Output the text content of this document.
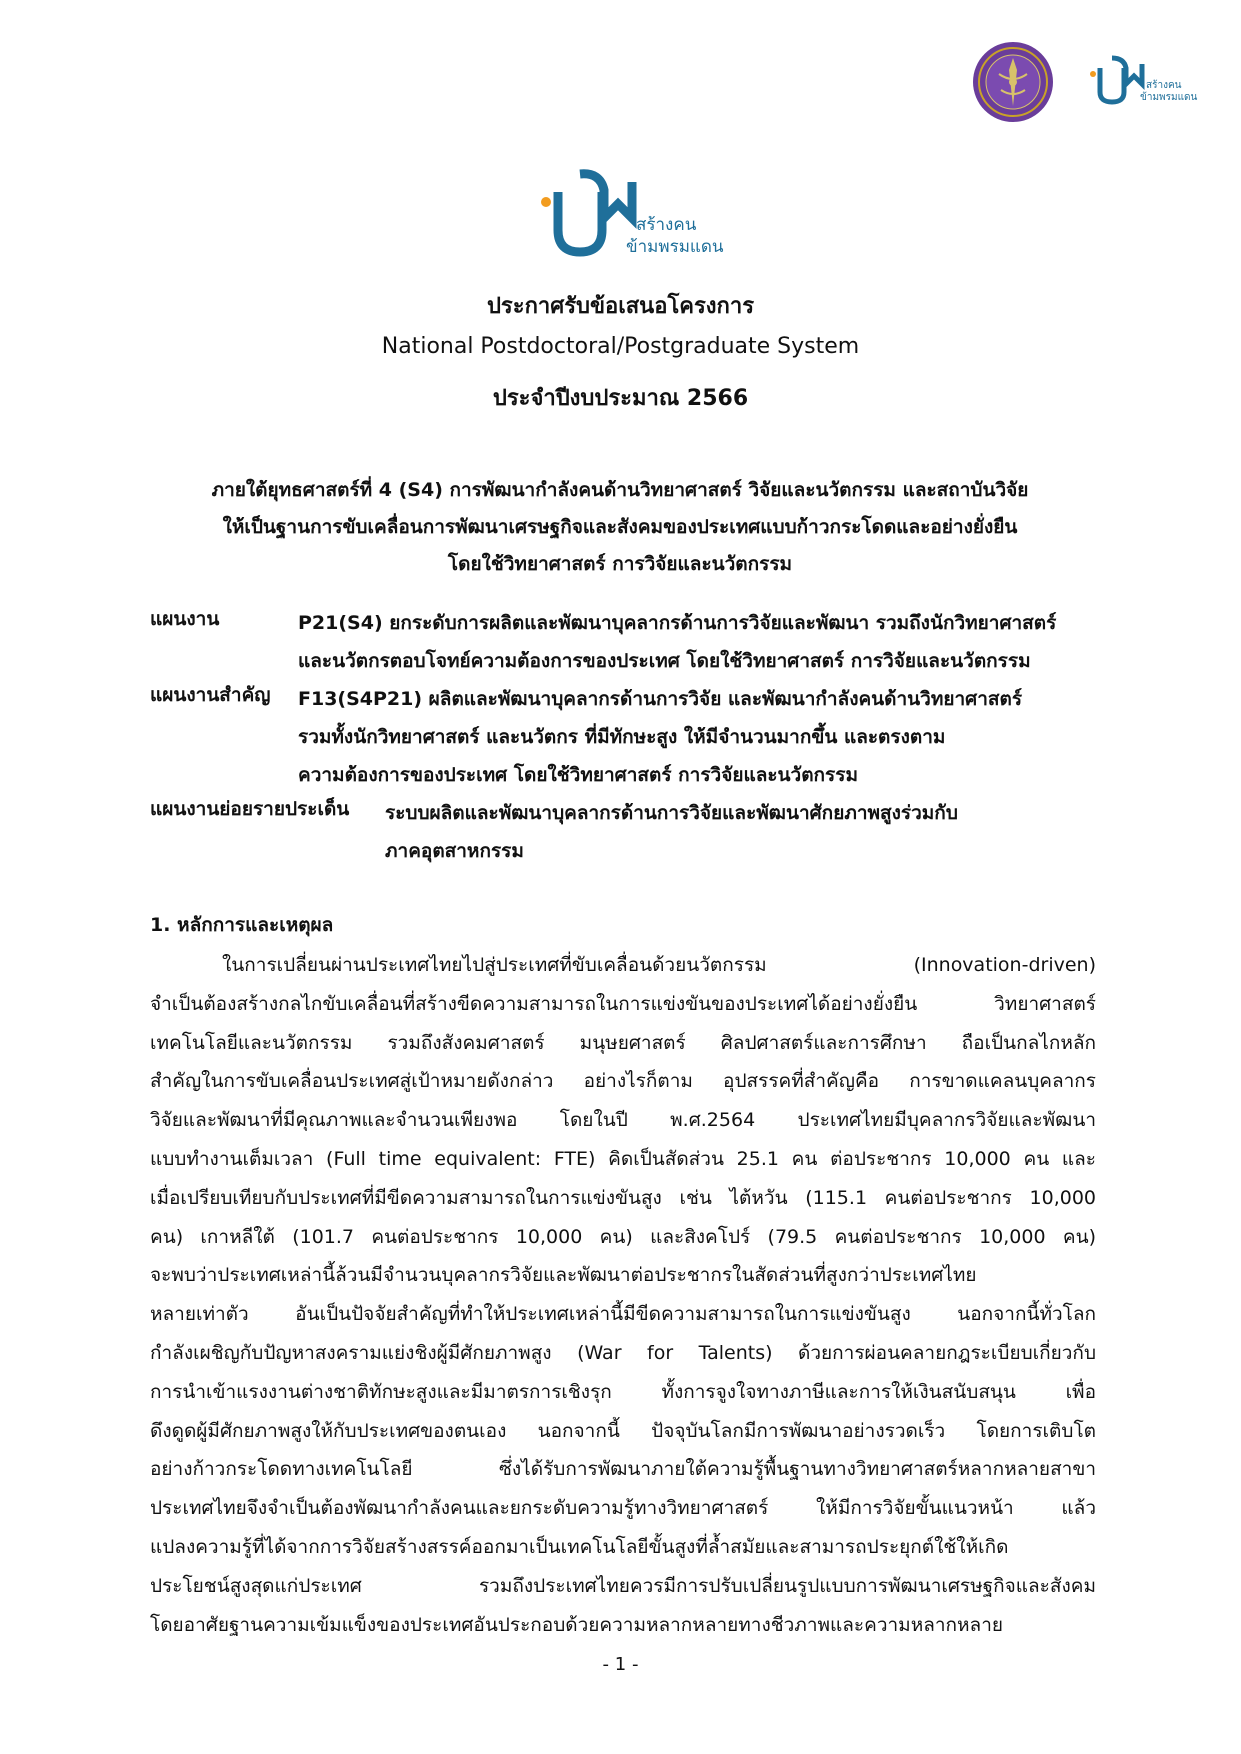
สร้างคน
ข้ามพรมแดน
สร้างคน
ข้ามพรมแดน
ประกาศรับข้อเสนอโครงการ
National Postdoctoral/Postgraduate System
ประจำปีงบประมาณ 2566
ภายใต้ยุทธศาสตร์ที่ 4 (S4) การพัฒนากำลังคนด้านวิทยาศาสตร์ วิจัยและนวัตกรรม และสถาบันวิจัย
ให้เป็นฐานการขับเคลื่อนการพัฒนาเศรษฐกิจและสังคมของประเทศแบบก้าวกระโดดและอย่างยั่งยืน
โดยใช้วิทยาศาสตร์ การวิจัยและนวัตกรรม
แผนงาน	P21(S4) ยกระดับการผลิตและพัฒนาบุคลากรด้านการวิจัยและพัฒนา รวมถึงนักวิทยาศาสตร์
และนวัตกรตอบโจทย์ความต้องการของประเทศ โดยใช้วิทยาศาสตร์ การวิจัยและนวัตกรรม
แผนงานสำคัญ F13(S4P21) ผลิตและพัฒนาบุคลากรด้านการวิจัย และพัฒนากำลังคนด้านวิทยาศาสตร์
รวมทั้งนักวิทยาศาสตร์ และนวัตกร ที่มีทักษะสูง ให้มีจำนวนมากขึ้น และตรงตาม
ความต้องการของประเทศ โดยใช้วิทยาศาสตร์ การวิจัยและนวัตกรรม
แผนงานย่อยรายประเด็น ระบบผลิตและพัฒนาบุคลากรด้านการวิจัยและพัฒนาศักยภาพสูงร่วมกับ
ภาคอุตสาหกรรม
1. หลักการและเหตุผล
ในการเปลี่ยนผ่านประเทศไทยไปสู่ประเทศที่ขับเคลื่อนด้วยนวัตกรรม (Innovation-driven)
จำเป็นต้องสร้างกลไกขับเคลื่อนที่สร้างขีดความสามารถในการแข่งขันของประเทศได้อย่างยั่งยืน วิทยาศาสตร์
เทคโนโลยีและนวัตกรรม รวมถึงสังคมศาสตร์ มนุษยศาสตร์ ศิลปศาสตร์และการศึกษา ถือเป็นกลไกหลัก
สำคัญในการขับเคลื่อนประเทศสู่เป้าหมายดังกล่าว อย่างไรก็ตาม อุปสรรคที่สำคัญคือ การขาดแคลนบุคลากร
วิจัยและพัฒนาที่มีคุณภาพและจำนวนเพียงพอ โดยในปี พ.ศ.2564 ประเทศไทยมีบุคลากรวิจัยและพัฒนา
แบบทำงานเต็มเวลา (Full time equivalent: FTE) คิดเป็นสัดส่วน 25.1 คน ต่อประชากร 10,000 คน และ
เมื่อเปรียบเทียบกับประเทศที่มีขีดความสามารถในการแข่งขันสูง เช่น ไต้หวัน (115.1 คนต่อประชากร 10,000
คน) เกาหลีใต้ (101.7 คนต่อประชากร 10,000 คน) และสิงคโปร์ (79.5 คนต่อประชากร 10,000 คน)
จะพบว่าประเทศเหล่านี้ล้วนมีจำนวนบุคลากรวิจัยและพัฒนาต่อประชากรในสัดส่วนที่สูงกว่าประเทศไทย
หลายเท่าตัว อันเป็นปัจจัยสำคัญที่ทำให้ประเทศเหล่านี้มีขีดความสามารถในการแข่งขันสูง นอกจากนี้ทั่วโลก
กำลังเผชิญกับปัญหาสงครามแย่งชิงผู้มีศักยภาพสูง (War for Talents) ด้วยการผ่อนคลายกฎระเบียบเกี่ยวกับ
การนำเข้าแรงงานต่างชาติทักษะสูงและมีมาตรการเชิงรุก ทั้งการจูงใจทางภาษีและการให้เงินสนับสนุน เพื่อ
ดึงดูดผู้มีศักยภาพสูงให้กับประเทศของตนเอง นอกจากนี้ ปัจจุบันโลกมีการพัฒนาอย่างรวดเร็ว โดยการเติบโต
อย่างก้าวกระโดดทางเทคโนโลยี ซึ่งได้รับการพัฒนาภายใต้ความรู้พื้นฐานทางวิทยาศาสตร์หลากหลายสาขา
ประเทศไทยจึงจำเป็นต้องพัฒนากำลังคนและยกระดับความรู้ทางวิทยาศาสตร์ ให้มีการวิจัยขั้นแนวหน้า แล้ว
แปลงความรู้ที่ได้จากการวิจัยสร้างสรรค์ออกมาเป็นเทคโนโลยีขั้นสูงที่ล้ำสมัยและสามารถประยุกต์ใช้ให้เกิด
ประโยชน์สูงสุดแก่ประเทศ รวมถึงประเทศไทยควรมีการปรับเปลี่ยนรูปแบบการพัฒนาเศรษฐกิจและสังคม
โดยอาศัยฐานความเข้มแข็งของประเทศอันประกอบด้วยความหลากหลายทางชีวภาพและความหลากหลาย
- 1 -
